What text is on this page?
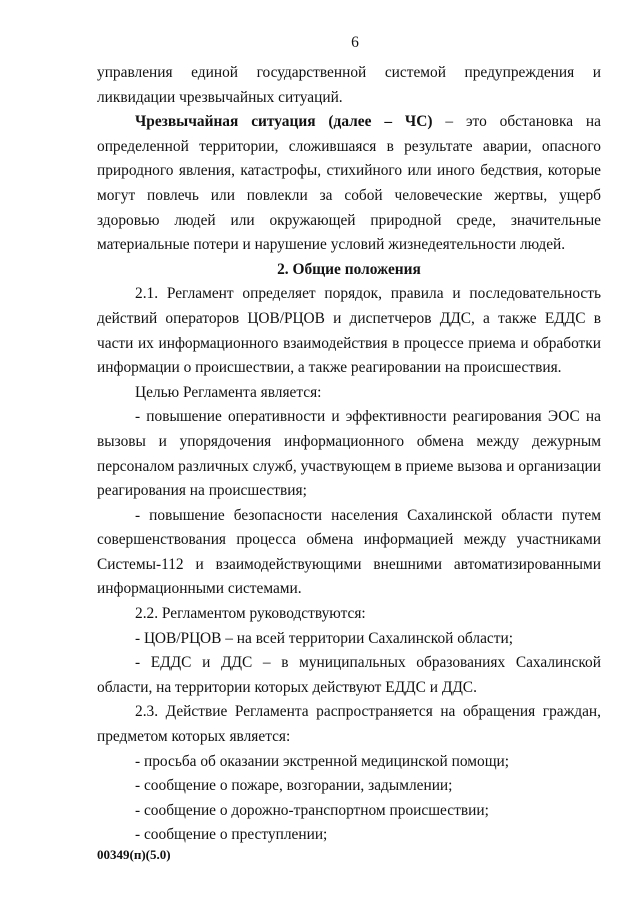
6

управления единой государственной системой предупреждения и ликвидации чрезвычайных ситуаций.

Чрезвычайная ситуация (далее – ЧС) – это обстановка на определенной территории, сложившаяся в результате аварии, опасного природного явления, катастрофы, стихийного или иного бедствия, которые могут повлечь или повлекли за собой человеческие жертвы, ущерб здоровью людей или окружающей природной среде, значительные материальные потери и нарушение условий жизнедеятельности людей.

2. Общие положения

2.1. Регламент определяет порядок, правила и последовательность действий операторов ЦОВ/РЦОВ и диспетчеров ДДС, а также ЕДДС в части их информационного взаимодействия в процессе приема и обработки информации о происшествии, а также реагировании на происшествия.

Целью Регламента является:

- повышение оперативности и эффективности реагирования ЭОС на вызовы и упорядочения информационного обмена между дежурным персоналом различных служб, участвующем в приеме вызова и организации реагирования на происшествия;

- повышение безопасности населения Сахалинской области путем совершенствования процесса обмена информацией между участниками Системы-112 и взаимодействующими внешними автоматизированными информационными системами.

2.2. Регламентом руководствуются:

- ЦОВ/РЦОВ – на всей территории Сахалинской области;

- ЕДДС и ДДС – в муниципальных образованиях Сахалинской области, на территории которых действуют ЕДДС и ДДС.

2.3. Действие Регламента распространяется на обращения граждан, предметом которых является:

- просьба об оказании экстренной медицинской помощи;

- сообщение о пожаре, возгорании, задымлении;

- сообщение о дорожно-транспортном происшествии;

- сообщение о преступлении;

00349(п)(5.0)
